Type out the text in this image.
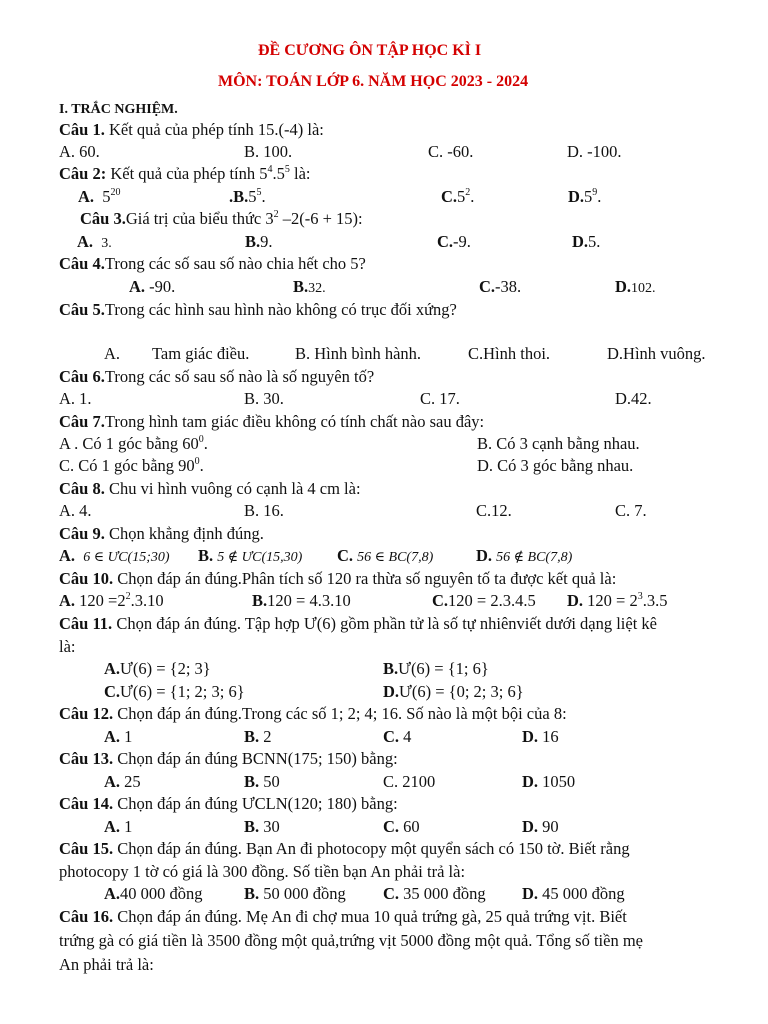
ĐỀ CƯƠNG ÔN TẬP HỌC KÌ I
MÔN: TOÁN LỚP 6. NĂM HỌC 2023 - 2024
I. TRẮC NGHIỆM.
Câu 1. Kết quả của phép tính 15.(-4) là:
A. 60.	B. 100.	C. -60.	D. -100.
Câu 2: Kết quả của phép tính $5^4.5^5$ là:
A. $5^{20}$	$.B.5^5$.	$C.5^2$.	$D.5^9$.
Câu 3.Giá trị của biểu thức $3^2$ –2(-6 + 15):
A. 3.	B.9.	C.-9.	D.5.
Câu 4.Trong các số sau số nào chia hết cho 5?
A. -90.	B.32.	C.-38.	D.102.
Câu 5.Trong các hình sau hình nào không có trục đối xứng?
A. Tam giác điều.	B. Hình bình hành.	C.Hình thoi.	D.Hình vuông.
Câu 6.Trong các số sau số nào là số nguyên tố?
A. 1.	B. 30.	C. 17.	D.42.
Câu 7.Trong hình tam giác điều không có tính chất nào sau đây:
A . Có 1 góc bằng $60^0$.	B. Có 3 cạnh bằng nhau.
C. Có 1 góc bằng $90^0$.	D. Có 3 góc bằng nhau.
Câu 8. Chu vi hình vuông có cạnh là 4 cm là:
A. 4.	B. 16.	C.12.	C. 7.
Câu 9. Chọn khẳng định đúng.
A. 6 ∈ ƯC(15;30) B. 5 ∉ ƯC(15,30) C. 56 ∈ BC(7,8)	D. 56 ∉ BC(7,8)
Câu 10. Chọn đáp án đúng.Phân tích số 120 ra thừa số nguyên tố ta được kết quả là:
A. $120 =2^2.3.10$	B.120 = 4.3.10	C.120 = 2.3.4.5 D. $120 = 2^3.3.5$
Câu 11. Chọn đáp án đúng. Tập hợp Ư(6) gồm phần tử là số tự nhiênviết dưới dạng liệt kê
là:
A.Ư(6) = {2; 3}	B.Ư(6) = {1; 6}
C.Ư(6) = {1; 2; 3; 6}	D.Ư(6) = {0; 2; 3; 6}
Câu 12. Chọn đáp án đúng.Trong các số 1; 2; 4; 16. Số nào là một bội của 8:
A. 1	B. 2	C. 4	D. 16
Câu 13. Chọn đáp án đúng BCNN(175; 150) bằng:
A. 25	B. 50	C. 2100	D. 1050
Câu 14. Chọn đáp án đúng ƯCLN(120; 180) bằng:
A. 1	B. 30	C. 60	D. 90
Câu 15. Chọn đáp án đúng. Bạn An đi photocopy một quyển sách có 150 tờ. Biết rằng
photocopy 1 tờ có giá là 300 đồng. Số tiền bạn An phải trả là:
A.40 000 đồng	B. 50 000 đồng C. 35 000 đồng D. 45 000 đồng
Câu 16. Chọn đáp án đúng. Mẹ An đi chợ mua 10 quả trứng gà, 25 quả trứng vịt. Biết
trứng gà có giá tiền là 3500 đồng một quả,trứng vịt 5000 đồng một quả. Tổng số tiền mẹ
An phải trả là:
